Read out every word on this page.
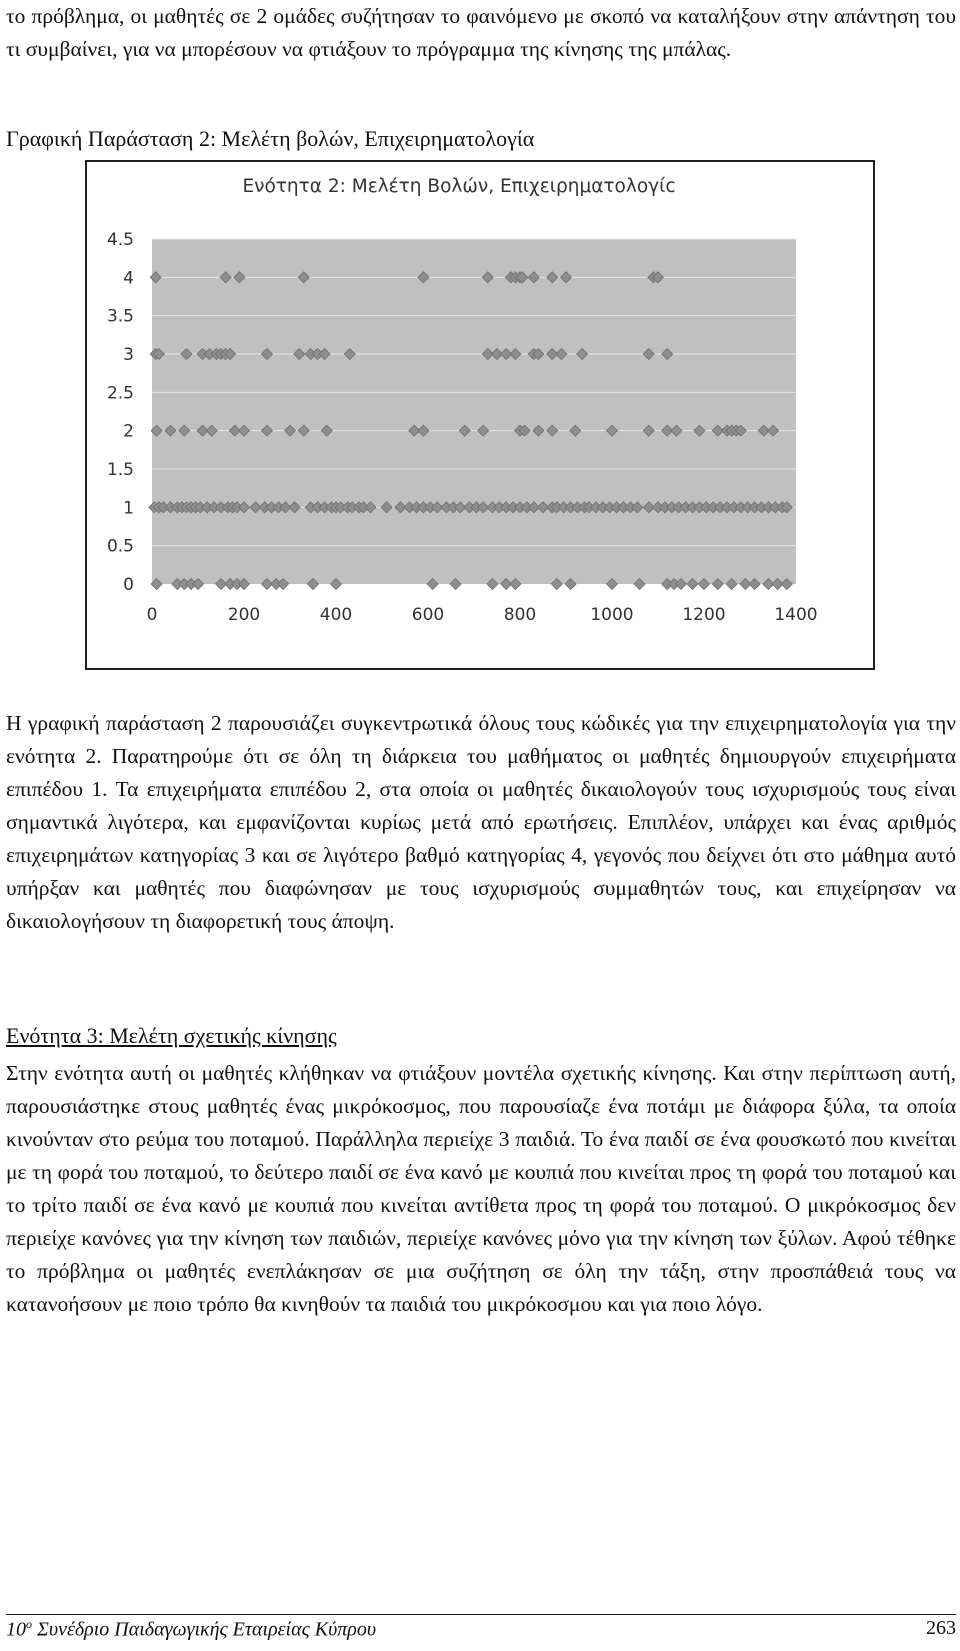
το πρόβλημα, οι μαθητές σε 2 ομάδες συζήτησαν το φαινόμενο με σκοπό να καταλήξουν στην απάντηση του τι συμβαίνει, για να μπορέσουν να φτιάξουν το πρόγραμμα της κίνησης της μπάλας.

Γραφική Παράσταση 2: Μελέτη βολών, Επιχειρηματολογία
Ενότητα 2: Μελέτη Βολών, Επιχειρηματολογίc
0
0.5
1
1.5
2
2.5
3
3.5
4
4.5
0	200	400	600	800	1000	1200	1400

Η γραφική παράσταση 2 παρουσιάζει συγκεντρωτικά όλους τους κώδικές για την επιχειρηματολογία για την ενότητα 2. Παρατηρούμε ότι σε όλη τη διάρκεια του μαθήματος οι μαθητές δημιουργούν επιχειρήματα επιπέδου 1. Τα επιχειρήματα επιπέδου 2, στα οποία οι μαθητές δικαιολογούν τους ισχυρισμούς τους είναι σημαντικά λιγότερα, και εμφανίζονται κυρίως μετά από ερωτήσεις. Επιπλέον, υπάρχει και ένας αριθμός επιχειρημάτων κατηγορίας 3 και σε λιγότερο βαθμό κατηγορίας 4, γεγονός που δείχνει ότι στο μάθημα αυτό υπήρξαν και μαθητές που διαφώνησαν με τους ισχυρισμούς συμμαθητών τους, και επιχείρησαν να δικαιολογήσουν τη διαφορετική τους άποψη.

Ενότητα 3: Μελέτη σχετικής κίνησης

Στην ενότητα αυτή οι μαθητές κλήθηκαν να φτιάξουν μοντέλα σχετικής κίνησης. Και στην περίπτωση αυτή, παρουσιάστηκε στους μαθητές ένας μικρόκοσμος, που παρουσίαζε ένα ποτάμι με διάφορα ξύλα, τα οποία κινούνταν στο ρεύμα του ποταμού. Παράλληλα περιείχε 3 παιδιά. Το ένα παιδί σε ένα φουσκωτό που κινείται με τη φορά του ποταμού, το δεύτερο παιδί σε ένα κανό με κουπιά που κινείται προς τη φορά του ποταμού και το τρίτο παιδί σε ένα κανό με κουπιά που κινείται αντίθετα προς τη φορά του ποταμού. Ο μικρόκοσμος δεν περιείχε κανόνες για την κίνηση των παιδιών, περιείχε κανόνες μόνο για την κίνηση των ξύλων. Αφού τέθηκε το πρόβλημα οι μαθητές ενεπλάκησαν σε μια συζήτηση σε όλη την τάξη, στην προσπάθειά τους να κατανοήσουν με ποιο τρόπο θα κινηθούν τα παιδιά του μικρόκοσμου και για ποιο λόγο.

$10^o$ Συνέδριο Παιδαγωγικής Εταιρείας Κύπρου	263
